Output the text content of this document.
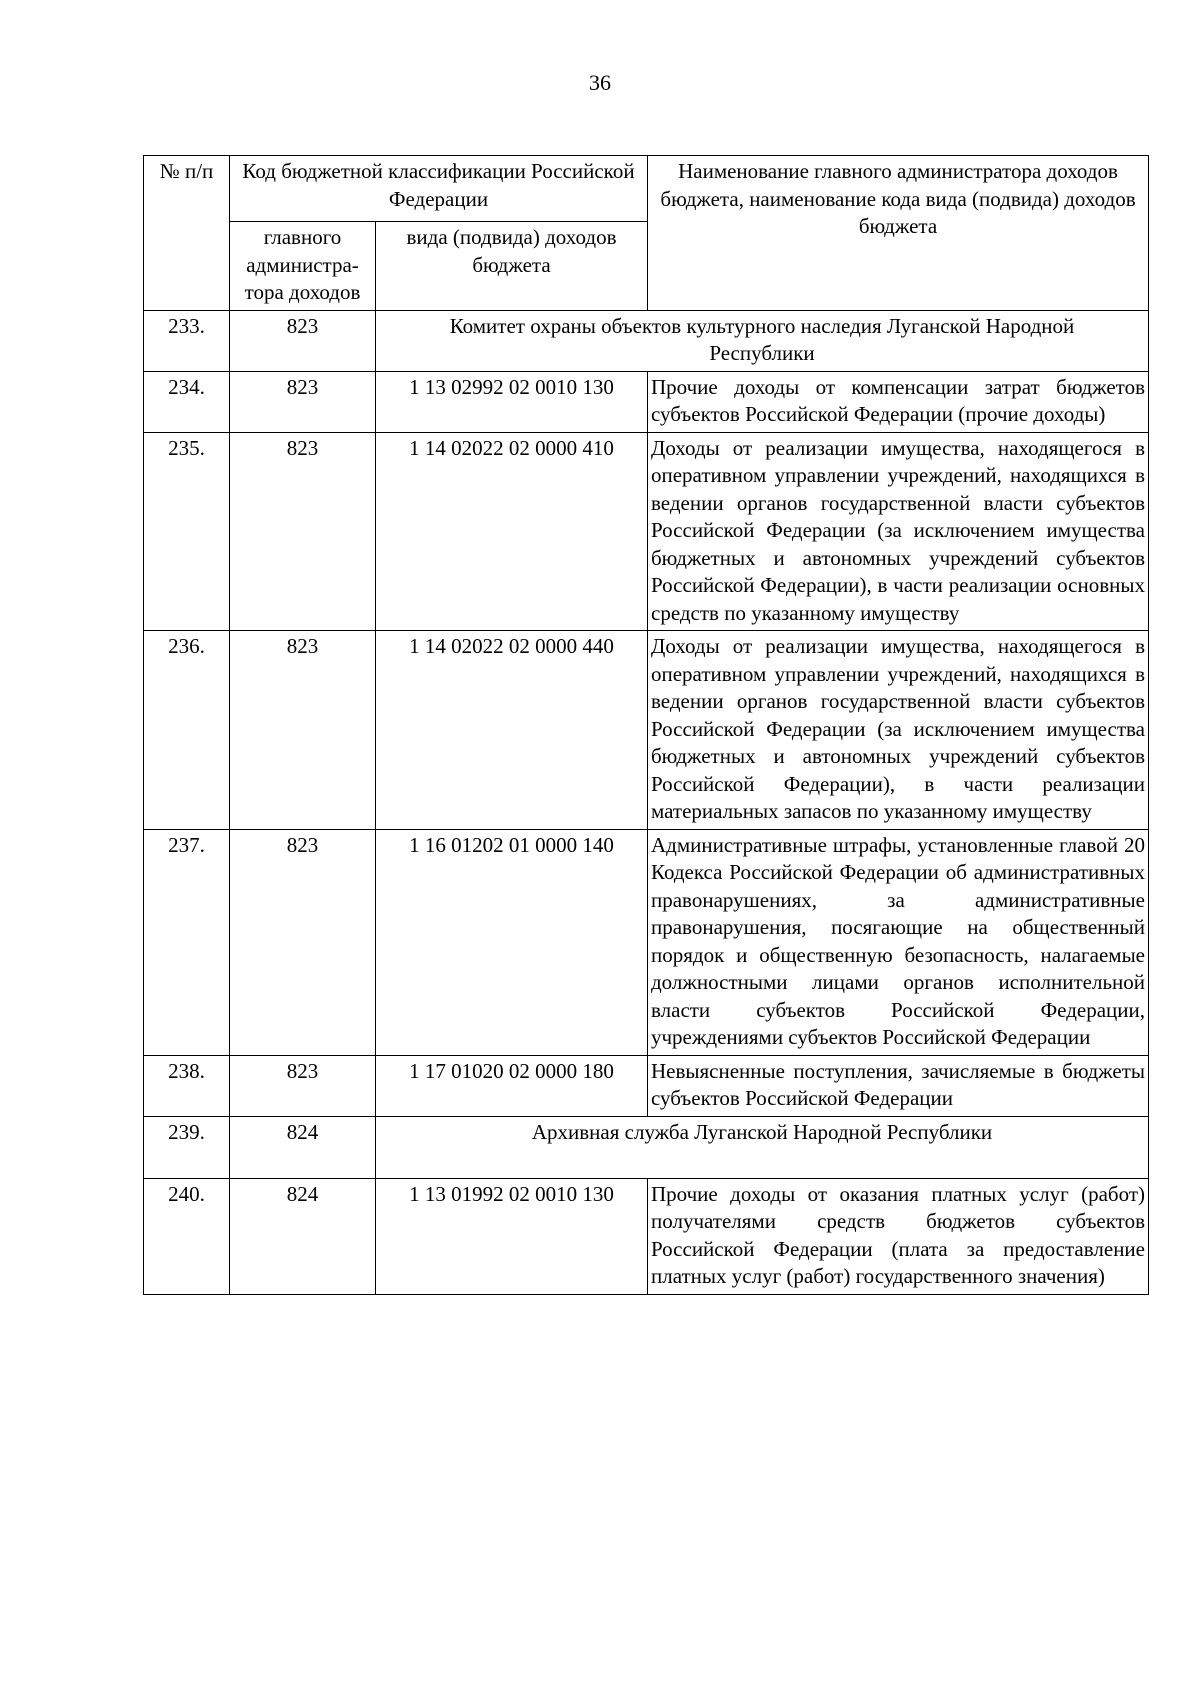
36
№ п/п	Код бюджетной классификации Российской Федерации		Наименование главного администратора доходов бюджета, наименование кода вида (подвида) доходов бюджета
	главного администра-тора доходов	вида (подвида) доходов бюджета	
233.	823	Комитет охраны объектов культурного наследия Луганской Народной Республики	
234.	823	1 13 02992 02 0010 130	Прочие доходы от компенсации затрат бюджетов субъектов Российской Федерации (прочие доходы)
235.	823	1 14 02022 02 0000 410	Доходы от реализации имущества, находящегося в оперативном управлении учреждений, находящихся в ведении органов государственной власти субъектов Российской Федерации (за исключением имущества бюджетных и автономных учреждений субъектов Российской Федерации), в части реализации основных средств по указанному имуществу
236.	823	1 14 02022 02 0000 440	Доходы от реализации имущества, находящегося в оперативном управлении учреждений, находящихся в ведении органов государственной власти субъектов Российской Федерации (за исключением имущества бюджетных и автономных учреждений субъектов Российской Федерации), в части реализации материальных запасов по указанному имуществу
237.	823	1 16 01202 01 0000 140	Административные штрафы, установленные главой 20 Кодекса Российской Федерации об административных правонарушениях, за административные правонарушения, посягающие на общественный порядок и общественную безопасность, налагаемые должностными лицами органов исполнительной власти субъектов Российской Федерации, учреждениями субъектов Российской Федерации
238.	823	1 17 01020 02 0000 180	Невыясненные поступления, зачисляемые в бюджеты субъектов Российской Федерации
239.	824	Архивная служба Луганской Народной Республики	
240.	824	1 13 01992 02 0010 130	Прочие доходы от оказания платных услуг (работ) получателями средств бюджетов субъектов Российской Федерации (плата за предоставление платных услуг (работ) государственного значения)
